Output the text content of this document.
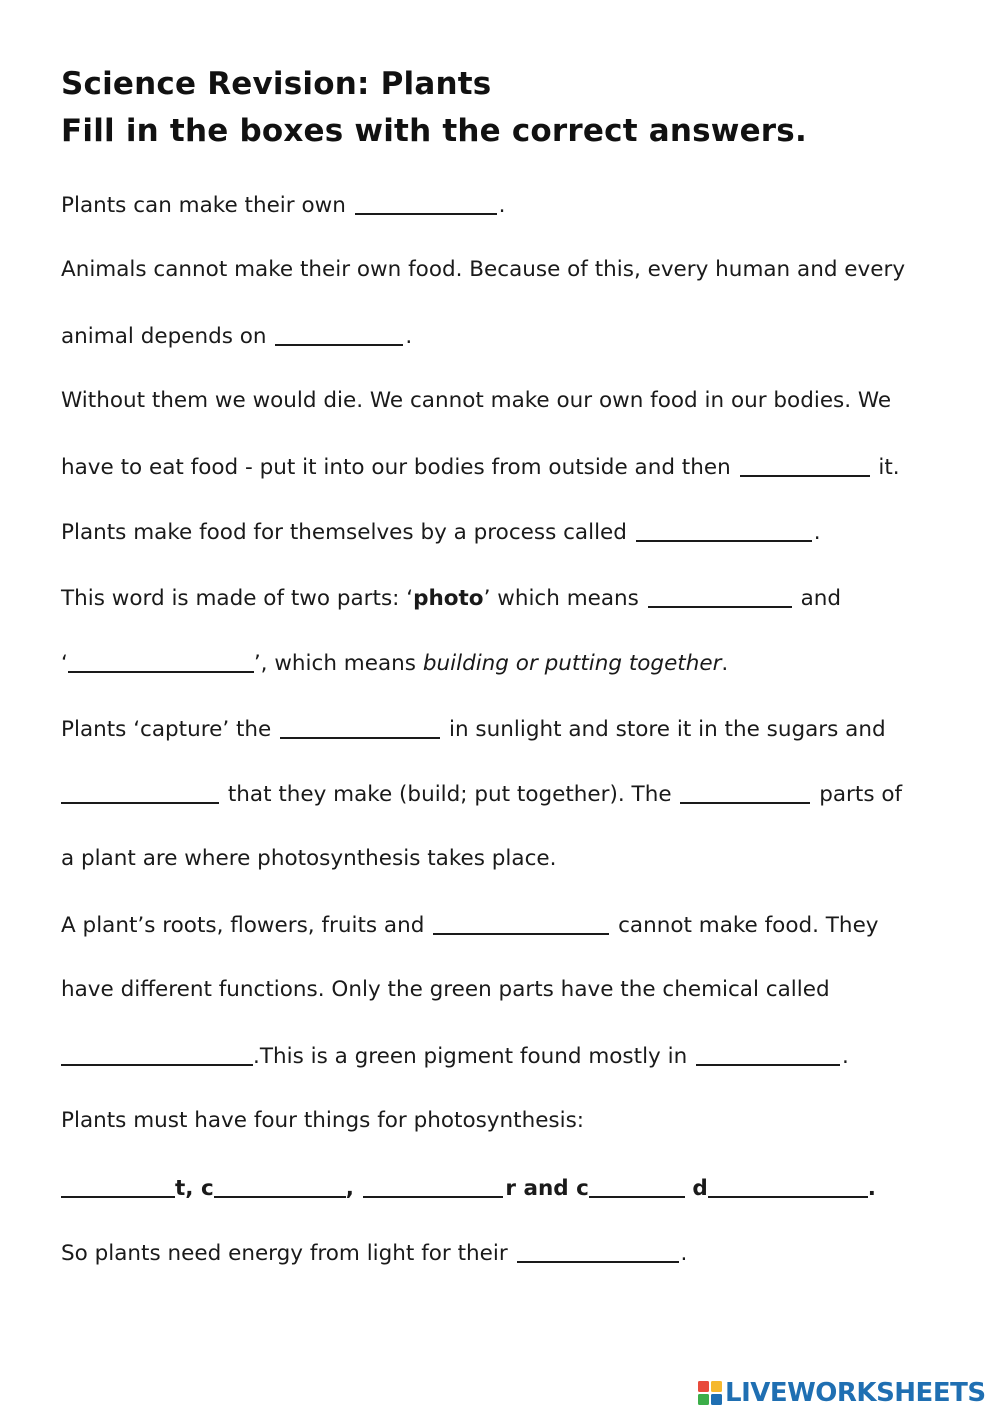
Science Revision: Plants
Fill in the boxes with the correct answers.
Plants can make their own	.
Animals cannot make their own food. Because of this, every human and every
animal depends on	.
Without them we would die. We cannot make our own food in our bodies. We
have to eat food - put it into our bodies from outside and then	it.
Plants make food for themselves by a process called	.
This word is made of two parts: ‘photo’ which means	and
‘	’, which means building or putting together.
Plants ‘capture’ the	in sunlight and store it in the sugars and
that they make (build; put together). The	parts of
a plant are where photosynthesis takes place.
A plant’s roots, flowers, fruits and	cannot make food. They
have different functions. Only the green parts have the chemical called
.This is a green pigment found mostly in	.
Plants must have four things for photosynthesis:
t, c	,	r and c	d	.
So plants need energy from light for their	.
LIVEWORKSHEETS
